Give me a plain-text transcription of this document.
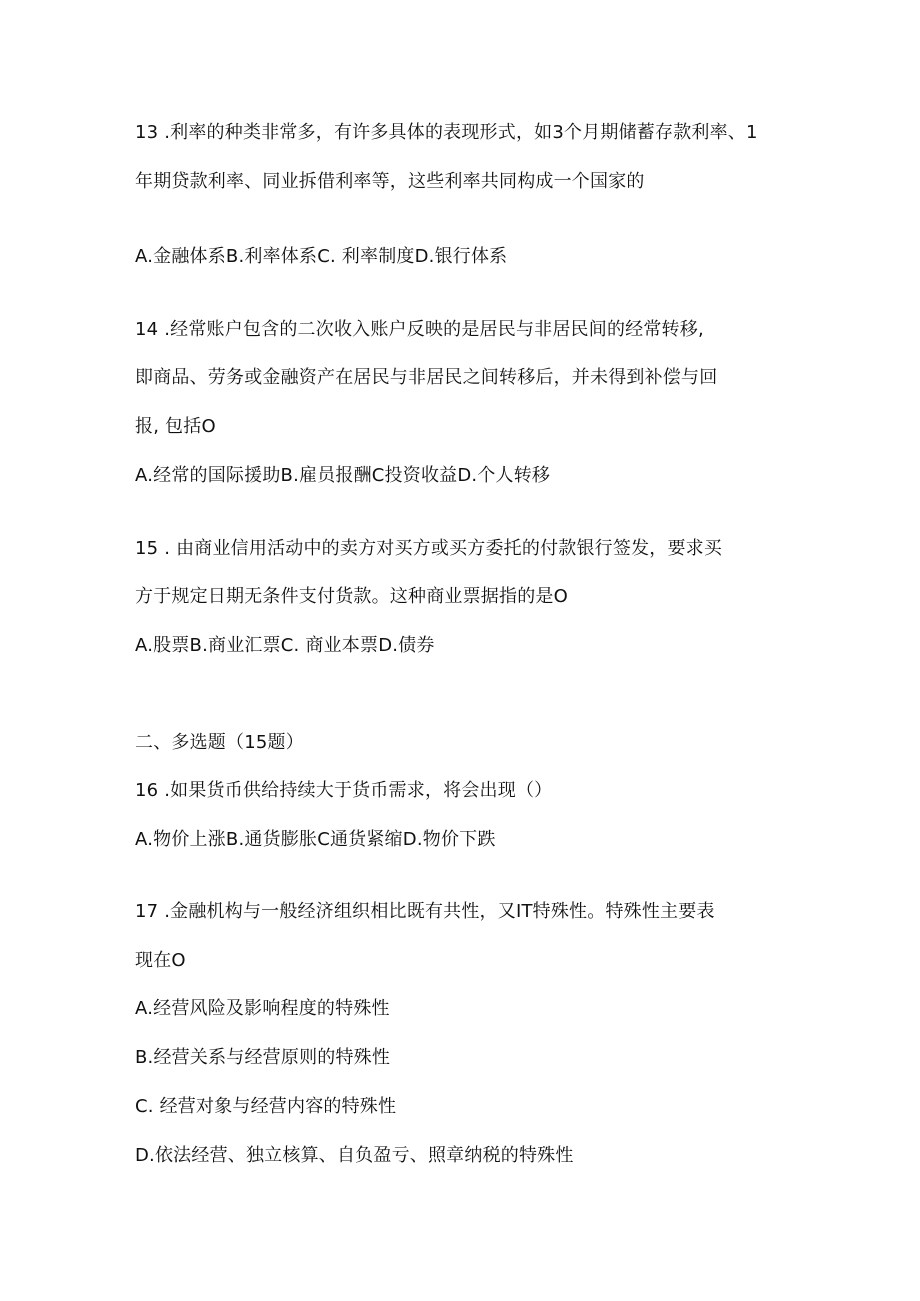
13 .利率的种类非常多，有许多具体的表现形式，如3个月期储蓄存款利率、1
年期贷款利率、同业拆借利率等，这些利率共同构成一个国家的
A.金融体系B.利率体系C. 利率制度D.银行体系
14 .经常账户包含的二次收入账户反映的是居民与非居民间的经常转移,
即商品、劳务或金融资产在居民与非居民之间转移后，并未得到补偿与回
报, 包括O
A.经常的国际援助B.雇员报酬C投资收益D.个人转移
15 . 由商业信用活动中的卖方对买方或买方委托的付款银行签发，要求买
方于规定日期无条件支付货款。这种商业票据指的是O
A.股票B.商业汇票C. 商业本票D.债券
二、多选题（15题）
16 .如果货币供给持续大于货币需求，将会出现（）
A.物价上涨B.通货膨胀C通货紧缩D.物价下跌
17 .金融机构与一般经济组织相比既有共性，又IT特殊性。特殊性主要表
现在O
A.经营风险及影响程度的特殊性
B.经营关系与经营原则的特殊性
C. 经营对象与经营内容的特殊性
D.依法经营、独立核算、自负盈亏、照章纳税的特殊性
